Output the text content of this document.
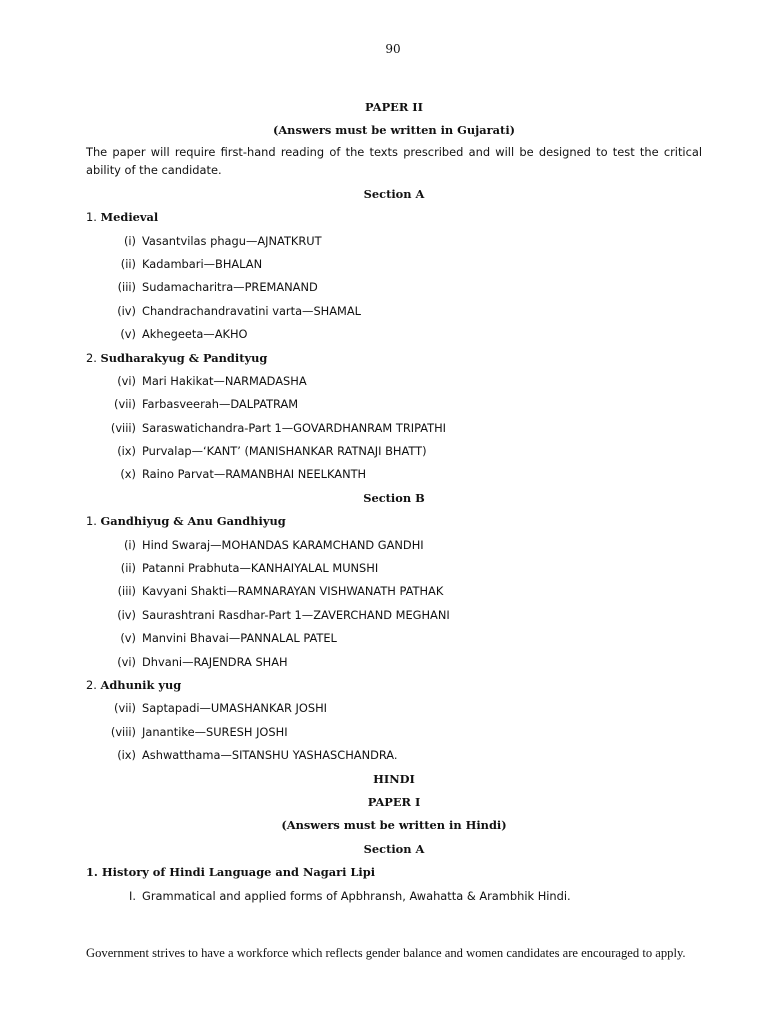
90
PAPER II
(Answers must be written in Gujarati)
The paper will require first-hand reading of the texts prescribed and will be designed to test the critical ability of the candidate.
Section A
1. Medieval
(i) Vasantvilas phagu—AJNATKRUT
(ii) Kadambari—BHALAN
(iii) Sudamacharitra—PREMANAND
(iv) Chandrachandravatini varta—SHAMAL
(v) Akhegeeta—AKHO
2. Sudharakyug & Pandityug
(vi) Mari Hakikat—NARMADASHA
(vii) Farbasveerah—DALPATRAM
(viii) Saraswatichandra-Part 1—GOVARDHANRAM TRIPATHI
(ix) Purvalap—‘KANT’ (MANISHANKAR RATNAJI BHATT)
(x) Raino Parvat—RAMANBHAI NEELKANTH
Section B
1. Gandhiyug & Anu Gandhiyug
(i) Hind Swaraj—MOHANDAS KARAMCHAND GANDHI
(ii) Patanni Prabhuta—KANHAIYALAL MUNSHI
(iii) Kavyani Shakti—RAMNARAYAN VISHWANATH PATHAK
(iv) Saurashtrani Rasdhar-Part 1—ZAVERCHAND MEGHANI
(v) Manvini Bhavai—PANNALAL PATEL
(vi) Dhvani—RAJENDRA SHAH
2. Adhunik yug
(vii) Saptapadi—UMASHANKAR JOSHI
(viii) Janantike—SURESH JOSHI
(ix) Ashwatthama—SITANSHU YASHASCHANDRA.
HINDI
PAPER I
(Answers must be written in Hindi)
Section A
1. History of Hindi Language and Nagari Lipi
I. Grammatical and applied forms of Apbhransh, Awahatta & Arambhik Hindi.
Government strives to have a workforce which reflects gender balance and women candidates are encouraged to apply.
